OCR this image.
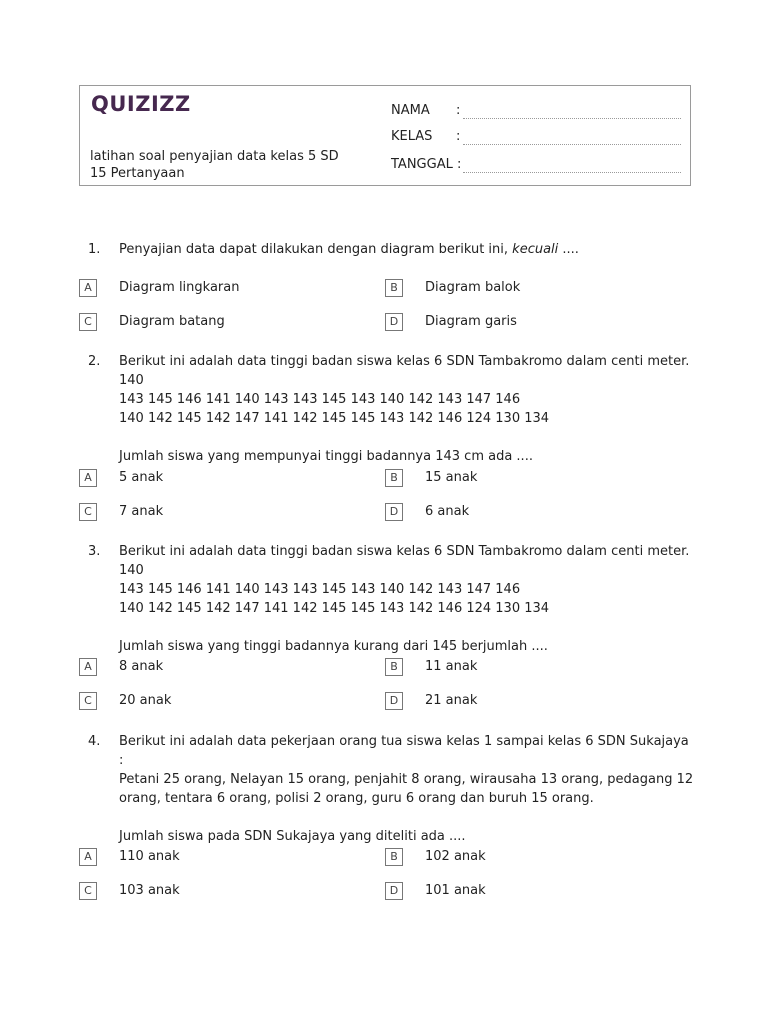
QUIZIZZ
latihan soal penyajian data kelas 5 SD
15 Pertanyaan
NAMA :
KELAS :
TANGGAL :
1. Penyajian data dapat dilakukan dengan diagram berikut ini, kecuali ....
A	Diagram lingkaran	B	Diagram balok
C	Diagram batang	D	Diagram garis
2. Berikut ini adalah data tinggi badan siswa kelas 6 SDN Tambakromo dalam centi meter. 140

143 145 146 141 140 143 143 145 143 140 142 143 147 146

140 142 145 142 147 141 142 145 145 143 142 146 124 130 134

Jumlah siswa yang mempunyai tinggi badannya 143 cm ada ....

A	5 anak	B	15 anak
C	7 anak	D	6 anak
3. Berikut ini adalah data tinggi badan siswa kelas 6 SDN Tambakromo dalam centi meter. 140

143 145 146 141 140 143 143 145 143 140 142 143 147 146

140 142 145 142 147 141 142 145 145 143 142 146 124 130 134

Jumlah siswa yang tinggi badannya kurang dari 145 berjumlah ....

A	8 anak	B	11 anak
C	20 anak	D	21 anak
4. Berikut ini adalah data pekerjaan orang tua siswa kelas 1 sampai kelas 6 SDN Sukajaya :

Petani 25 orang, Nelayan 15 orang, penjahit 8 orang, wirausaha 13 orang, pedagang 12

orang, tentara 6 orang, polisi 2 orang, guru 6 orang dan buruh 15 orang.

Jumlah siswa pada SDN Sukajaya yang diteliti ada ....

A	110 anak	B	102 anak
C	103 anak	D	101 anak
